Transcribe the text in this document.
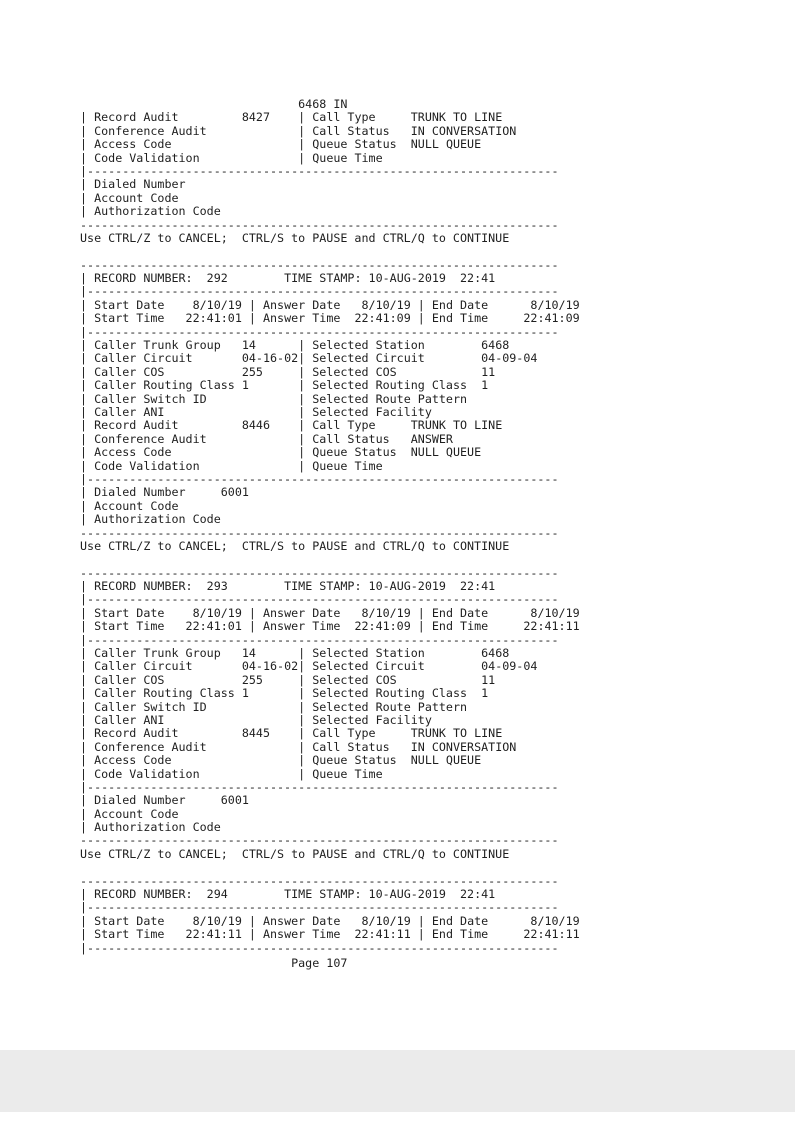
6468 IN
| Record Audit         8427    | Call Type     TRUNK TO LINE
| Conference Audit	| Call Status   IN CONVERSATION
| Access Code	| Queue Status  NULL QUEUE
| Code Validation	| Queue Time
|-------------------------------------------------------------------
| Dialed Number
| Account Code
| Authorization Code
--------------------------------------------------------------------
Use CTRL/Z to CANCEL;  CTRL/S to PAUSE and CTRL/Q to CONTINUE
--------------------------------------------------------------------
| RECORD NUMBER: 292        TIME STAMP: 10-AUG-2019  22:41
|-------------------------------------------------------------------
| Start Date    8/10/19 | Answer Date   8/10/19 | End Date      8/10/19
| Start Time   22:41:01 | Answer Time  22:41:09 | End Time     22:41:09
|-------------------------------------------------------------------
| Caller Trunk Group   14      | Selected Station        6468
| Caller Circuit       04-16-02| Selected Circuit        04-09-04
| Caller COS           255     | Selected COS            11
| Caller Routing Class 1       | Selected Routing Class  1
| Caller Switch ID	| Selected Route Pattern
| Caller ANI	| Selected Facility
| Record Audit         8446    | Call Type     TRUNK TO LINE
| Conference Audit	| Call Status   ANSWER
| Access Code	| Queue Status  NULL QUEUE
| Code Validation	| Queue Time
|-------------------------------------------------------------------
| Dialed Number     6001
| Account Code
| Authorization Code
--------------------------------------------------------------------
Use CTRL/Z to CANCEL;  CTRL/S to PAUSE and CTRL/Q to CONTINUE
--------------------------------------------------------------------
| RECORD NUMBER: 293        TIME STAMP: 10-AUG-2019  22:41
|-------------------------------------------------------------------
| Start Date    8/10/19 | Answer Date   8/10/19 | End Date      8/10/19
| Start Time   22:41:01 | Answer Time  22:41:09 | End Time     22:41:11
|-------------------------------------------------------------------
| Caller Trunk Group   14      | Selected Station        6468
| Caller Circuit       04-16-02| Selected Circuit        04-09-04
| Caller COS           255     | Selected COS            11
| Caller Routing Class 1       | Selected Routing Class  1
| Caller Switch ID	| Selected Route Pattern
| Caller ANI	| Selected Facility
| Record Audit         8445    | Call Type     TRUNK TO LINE
| Conference Audit	| Call Status   IN CONVERSATION
| Access Code	| Queue Status  NULL QUEUE
| Code Validation	| Queue Time
|-------------------------------------------------------------------
| Dialed Number     6001
| Account Code
| Authorization Code
--------------------------------------------------------------------
Use CTRL/Z to CANCEL;  CTRL/S to PAUSE and CTRL/Q to CONTINUE
--------------------------------------------------------------------
| RECORD NUMBER: 294        TIME STAMP: 10-AUG-2019  22:41
|-------------------------------------------------------------------
| Start Date    8/10/19 | Answer Date   8/10/19 | End Date      8/10/19
| Start Time   22:41:11 | Answer Time  22:41:11 | End Time     22:41:11
|-------------------------------------------------------------------
Page 107
